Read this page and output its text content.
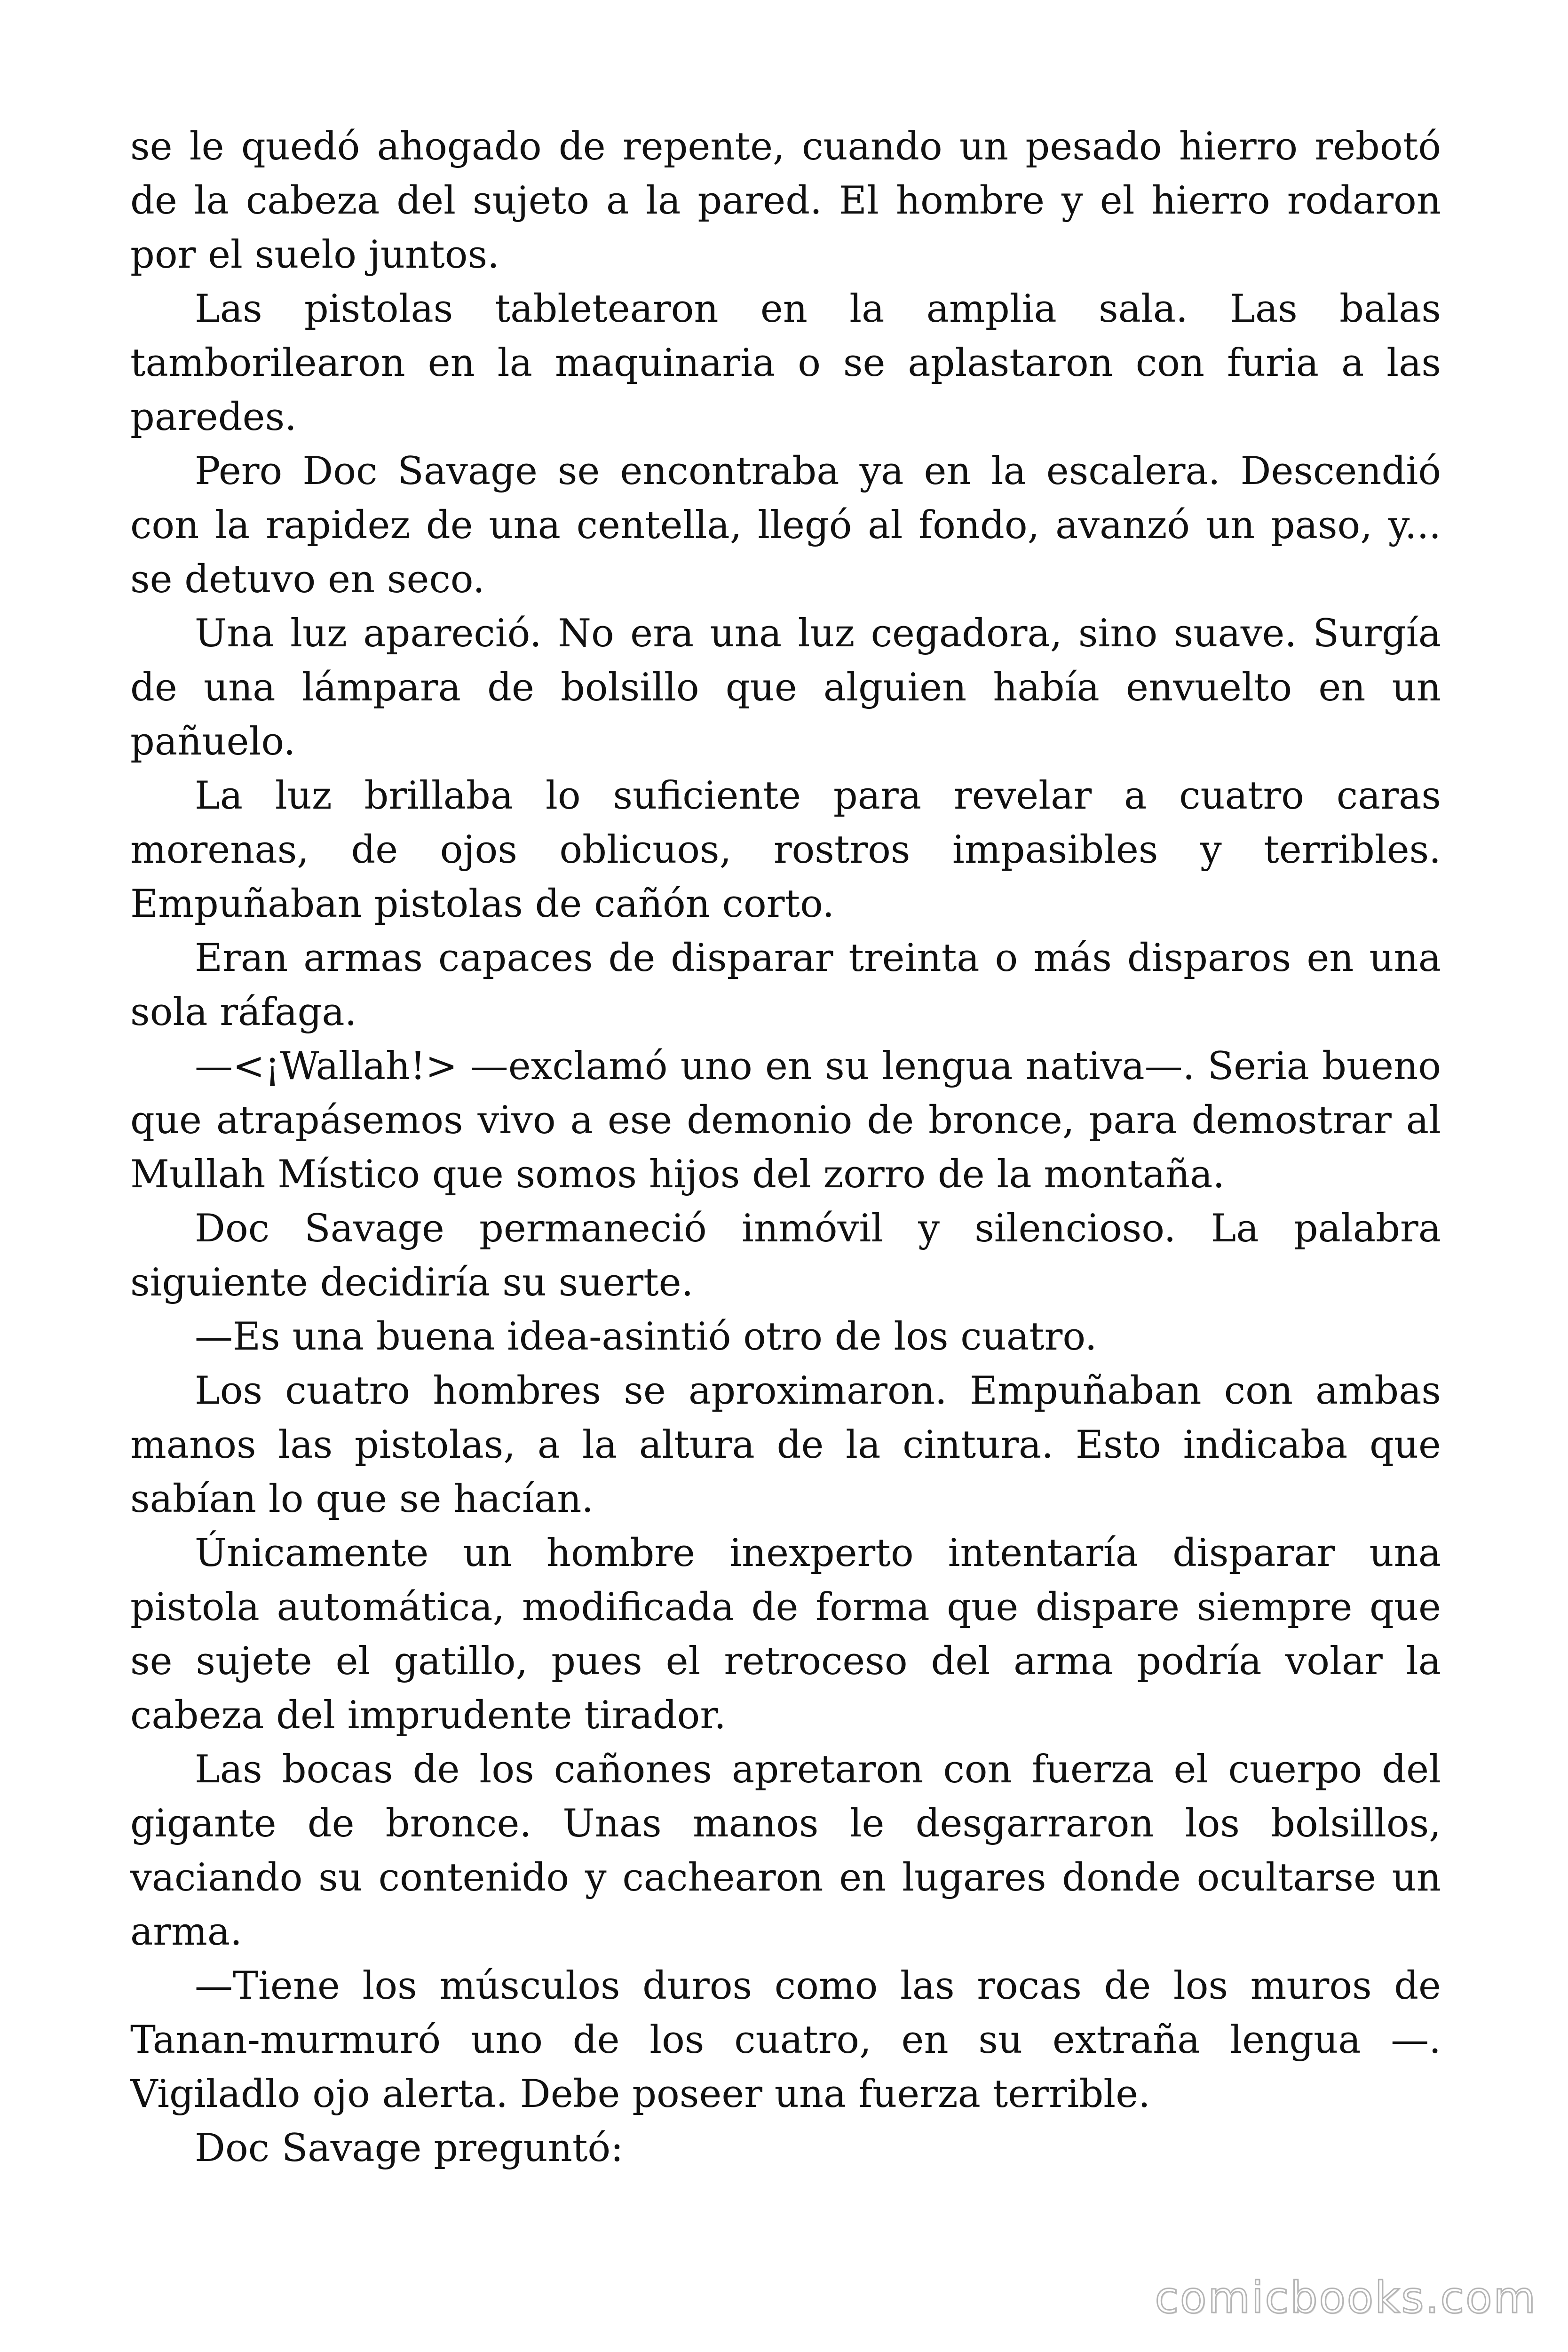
se le quedó ahogado de repente, cuando un pesado hierro rebotó de la cabeza del sujeto a la pared. El hombre y el hierro rodaron por el suelo juntos.

Las pistolas tabletearon en la amplia sala. Las balas tamborilearon en la maquinaria o se aplastaron con furia a las paredes.

Pero Doc Savage se encontraba ya en la escalera. Descendió con la rapidez de una centella, llegó al fondo, avanzó un paso, y... se detuvo en seco.

Una luz apareció. No era una luz cegadora, sino suave. Surgía de una lámpara de bolsillo que alguien había envuelto en un pañuelo.

La luz brillaba lo suficiente para revelar a cuatro caras morenas, de ojos oblicuos, rostros impasibles y terribles. Empuñaban pistolas de cañón corto.

Eran armas capaces de disparar treinta o más disparos en una sola ráfaga.

—<¡Wallah!> —exclamó uno en su lengua nativa—. Seria bueno que atrapásemos vivo a ese demonio de bronce, para demostrar al Mullah Místico que somos hijos del zorro de la montaña.

Doc Savage permaneció inmóvil y silencioso. La palabra siguiente decidiría su suerte.

—Es una buena idea-asintió otro de los cuatro.

Los cuatro hombres se aproximaron. Empuñaban con ambas manos las pistolas, a la altura de la cintura. Esto indicaba que sabían lo que se hacían.

Únicamente un hombre inexperto intentaría disparar una pistola automática, modificada de forma que dispare siempre que se sujete el gatillo, pues el retroceso del arma podría volar la cabeza del imprudente tirador.

Las bocas de los cañones apretaron con fuerza el cuerpo del gigante de bronce. Unas manos le desgarraron los bolsillos, vaciando su contenido y cachearon en lugares donde ocultarse un arma.

—Tiene los músculos duros como las rocas de los muros de Tanan-murmuró uno de los cuatro, en su extraña lengua —. Vigiladlo ojo alerta. Debe poseer una fuerza terrible.

Doc Savage preguntó:

comicbooks.com
